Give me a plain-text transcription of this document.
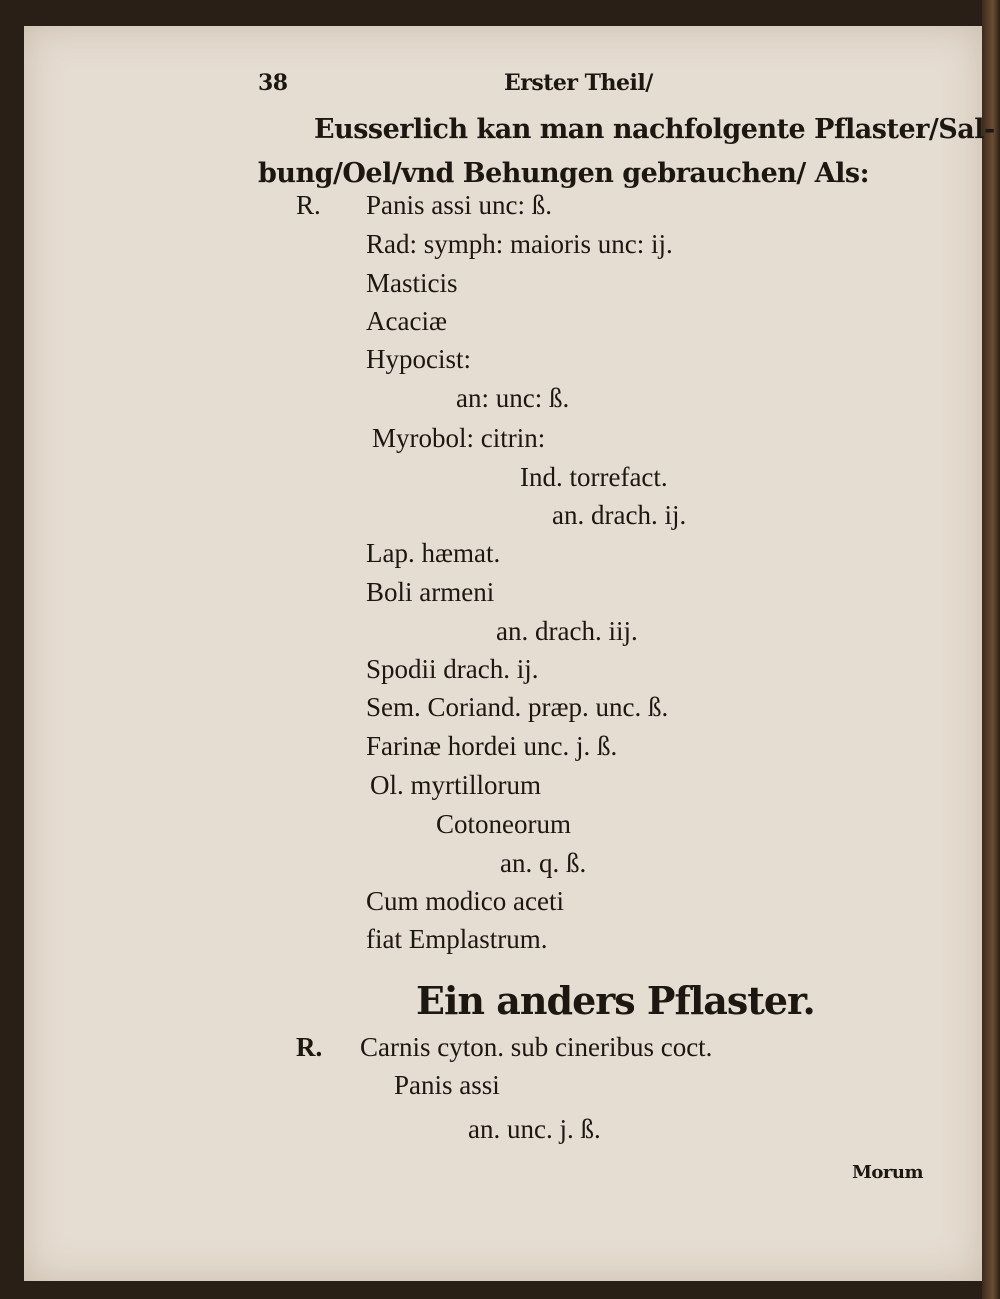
38	Erster Theil/
Eusserlich kan man nachfolgente Pflaster/Sal-
bung/Oel/vnd Behungen gebrauchen/ Als:
R. Panis assi unc: ß.
Rad: symph: maioris unc: ij.
Masticis
Acaciæ
Hypocist:
an: unc: ß.
Myrobol: citrin:
Ind. torrefact.
an. drach. ij.
Lap. hæmat.
Boli armeni
an. drach. iij.
Spodii drach. ij.
Sem. Coriand. præp. unc. ß.
Farinæ hordei unc. j. ß.
Ol. myrtillorum
Cotoneorum
an. q. ß.
Cum modico aceti
fiat Emplastrum.
Ein anders Pflaster.
R. Carnis cyton. sub cineribus coct.
Panis assi
an. unc. j. ß.
Morum
